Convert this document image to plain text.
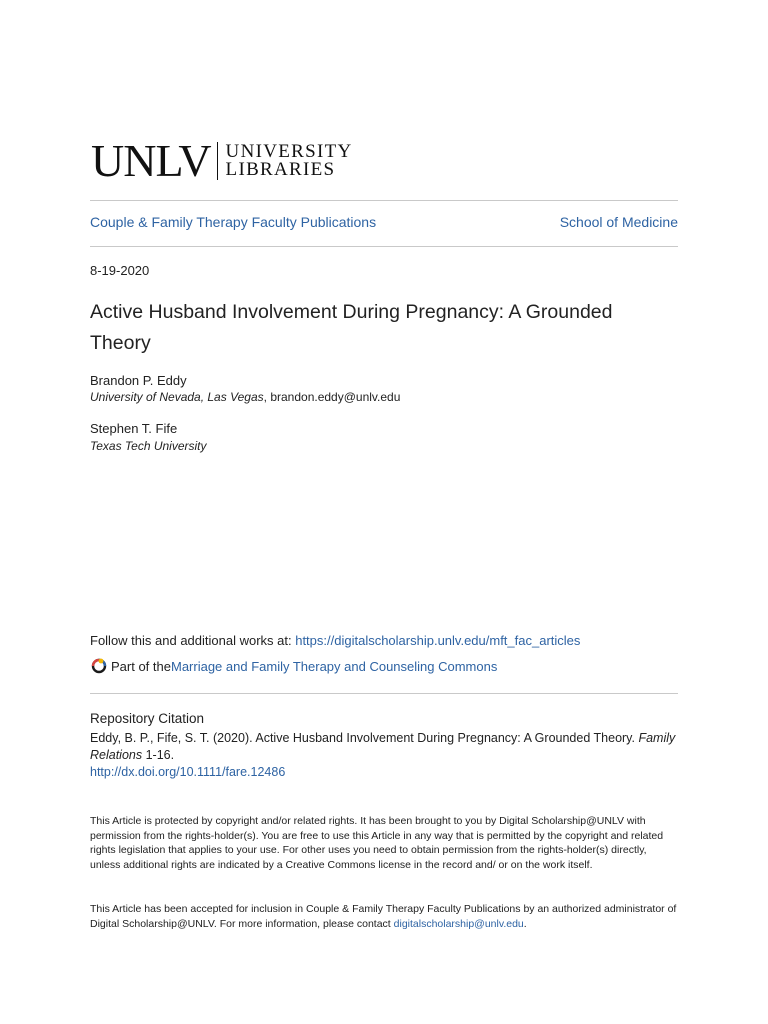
UNLV UNIVERSITY
LIBRARIES
Couple & Family Therapy Faculty Publications	School of Medicine
8-19-2020
Active Husband Involvement During Pregnancy: A Grounded Theory
Brandon P. Eddy
University of Nevada, Las Vegas, brandon.eddy@unlv.edu
Stephen T. Fife
Texas Tech University
Follow this and additional works at: https://digitalscholarship.unlv.edu/mft_fac_articles
Part of the Marriage and Family Therapy and Counseling Commons
Repository Citation
Eddy, B. P., Fife, S. T. (2020). Active Husband Involvement During Pregnancy: A Grounded Theory. Family Relations 1-16.
http://dx.doi.org/10.1111/fare.12486
This Article is protected by copyright and/or related rights. It has been brought to you by Digital Scholarship@UNLV with permission from the rights-holder(s). You are free to use this Article in any way that is permitted by the copyright and related rights legislation that applies to your use. For other uses you need to obtain permission from the rights-holder(s) directly, unless additional rights are indicated by a Creative Commons license in the record and/ or on the work itself.
This Article has been accepted for inclusion in Couple & Family Therapy Faculty Publications by an authorized administrator of Digital Scholarship@UNLV. For more information, please contact digitalscholarship@unlv.edu.
